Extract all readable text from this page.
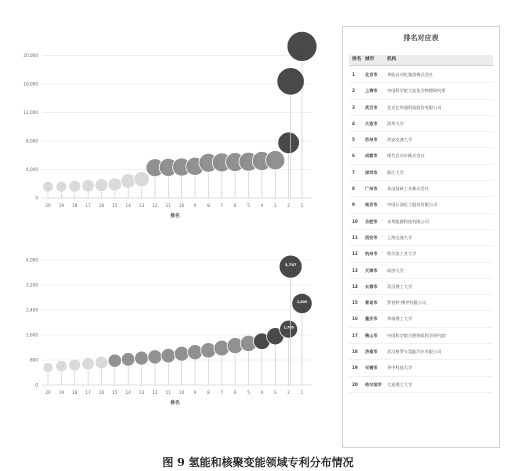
0
4,000
8,000
12,000
16,000
20,000
20 19 18 17 16 15 14 13 12 11 10 9	8	7	6	5	4	3	2	1
排名
0
800
1,600
2,400
3,200
4,000
1,786
2,609
3,787
20 19 18 17 16 15 14 13 12 11 10 9	8	7	6	5	4	3	2	1
排名
排名对应表
排名 城市	机构
1 北京市 华能自动化集团株式会社
2 上海市 中国科学院大连化学物理研究所
3 武汉市 北京亿华通科技股份有限公司
4 大连市 清华大学
5 苏州市 西安交通大学
6 成都市 现代自动车株式会社
7 深圳市 浙江大学
8 广州市 本田技研工业株式会社
9 南京市 中国石油化工股份有限公司
10 合肥市 未势能源科技有限公司
11 西安市 上海交通大学
12 杭州市 哈尔滨工业大学
13 天津市 同济大学
14 长春市 武汉理工大学
15 青岛市 罗伯特·博世有限公司
16 重庆市 华南理工大学
17 佛山市 中国科学院合肥物质科学研究院
18 济南市 武汉格罗夫氢能汽车有限公司
19 无锡市 华中科技大学
20 哈尔滨市 大连理工大学
图 9 氢能和核聚变能领域专利分布情况
